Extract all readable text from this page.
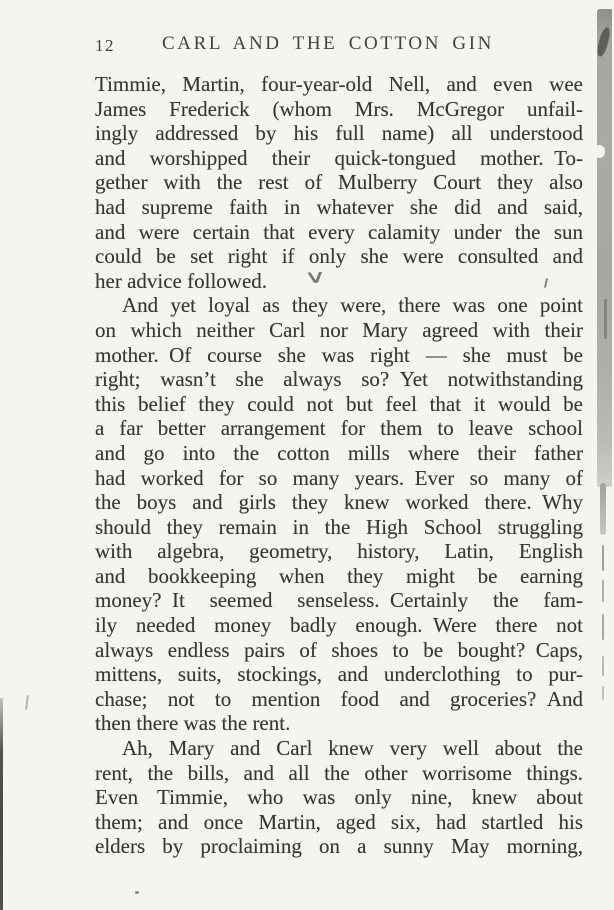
12 CARL AND THE COTTON GIN
Timmie, Martin, four-year-old Nell, and even wee
James Frederick (whom Mrs. McGregor unfail-
ingly addressed by his full name) all understood
and worshipped their quick-tongued mother. To-
gether with the rest of Mulberry Court they also
had supreme faith in whatever she did and said,
and were certain that every calamity under the sun
could be set right if only she were consulted and
her advice followed.
And yet loyal as they were, there was one point
on which neither Carl nor Mary agreed with their
mother. Of course she was right — she must be
right; wasn’t she always so? Yet notwithstanding
this belief they could not but feel that it would be
a far better arrangement for them to leave school
and go into the cotton mills where their father
had worked for so many years. Ever so many of
the boys and girls they knew worked there. Why
should they remain in the High School struggling
with algebra, geometry, history, Latin, English
and bookkeeping when they might be earning
money? It seemed senseless. Certainly the fam-
ily needed money badly enough. Were there not
always endless pairs of shoes to be bought? Caps,
mittens, suits, stockings, and underclothing to pur-
chase; not to mention food and groceries? And
then there was the rent.
Ah, Mary and Carl knew very well about the
rent, the bills, and all the other worrisome things.
Even Timmie, who was only nine, knew about
them; and once Martin, aged six, had startled his
elders by proclaiming on a sunny May morning,
∨
